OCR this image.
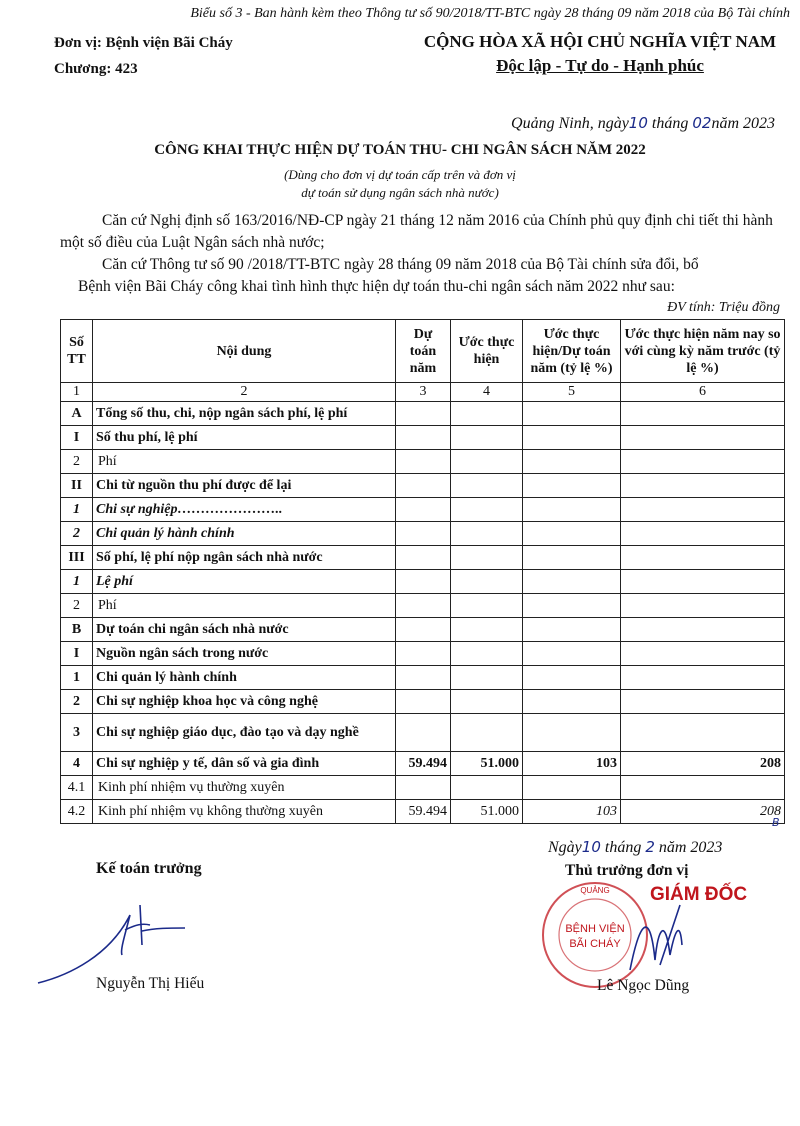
Biểu số 3 - Ban hành kèm theo Thông tư số 90/2018/TT-BTC ngày 28 tháng 09 năm 2018 của Bộ Tài chính
Đơn vị: Bệnh viện Bãi Cháy
Chương: 423
CỘNG HÒA XÃ HỘI CHỦ NGHĨA VIỆT NAM
Độc lập - Tự do - Hạnh phúc
Quảng Ninh, ngày10 tháng 02năm 2023
CÔNG KHAI THỰC HIỆN DỰ TOÁN THU- CHI NGÂN SÁCH NĂM 2022
(Dùng cho đơn vị dự toán cấp trên và đơn vị
dự toán sử dụng ngân sách nhà nước)
Căn cứ Nghị định số 163/2016/NĐ-CP ngày 21 tháng 12 năm 2016 của Chính phủ quy định chi tiết thi hành một số điều của Luật Ngân sách nhà nước;
Căn cứ Thông tư số 90 /2018/TT-BTC ngày 28 tháng 09 năm 2018 của Bộ Tài chính sửa đổi, bổ
Bệnh viện Bãi Cháy công khai tình hình thực hiện dự toán thu-chi ngân sách năm 2022 như sau:
ĐV tính: Triệu đồng
Số TT	Nội dung	Dự toán năm	Ước thực hiện	Ước thực hiện/Dự toán năm (tỷ lệ %)	Ước thực hiện năm nay so với cùng kỳ năm trước (tỷ lệ %)
1	2	3	4	5	6
A	Tổng số thu, chi, nộp ngân sách phí, lệ phí				
I	Số thu phí, lệ phí				
2	Phí				
II	Chi từ nguồn thu phí được để lại				
1	Chi sự nghiệp…………………..				
2	Chi quản lý hành chính				
III	Số phí, lệ phí nộp ngân sách nhà nước				
1	Lệ phí				
2	Phí				
B	Dự toán chi ngân sách nhà nước				
I	Nguồn ngân sách trong nước				
1	Chi quản lý hành chính				
2	Chi sự nghiệp khoa học và công nghệ				
3	Chi sự nghiệp giáo dục, đào tạo và dạy nghề				
4	Chi sự nghiệp y tế, dân số và gia đình	59.494	51.000	103	208
4.1	Kinh phí nhiệm vụ thường xuyên				
4.2	Kinh phí nhiệm vụ không thường xuyên	59.494	51.000	103	208
Kế toán trưởng
Nguyễn Thị Hiếu
Ngày10 tháng 2 năm 2023
B
Thủ trưởng đơn vị
QUẢNG
BỆNH VIỆN
BÃI CHÁY
GIÁM ĐỐC
Lê Ngọc Dũng
